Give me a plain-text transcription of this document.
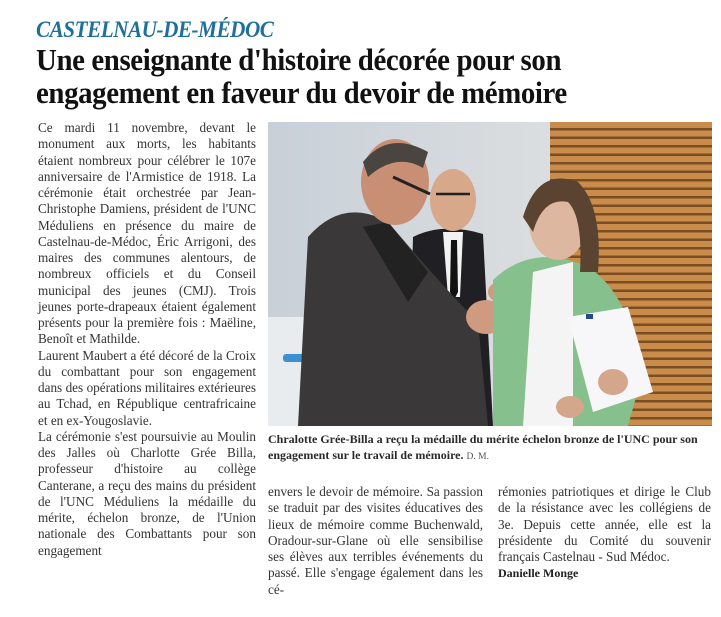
CASTELNAU-DE-MÉDOC
Une enseignante d'histoire décorée pour son
engagement en faveur du devoir de mémoire

Ce mardi 11 novembre, devant le monument aux morts, les habitants étaient nombreux pour célébrer le 107e anniversaire de l'Armistice de 1918. La cérémonie était orchestrée par Jean-Christophe Damiens, président de l'UNC Méduliens en présence du maire de Castelnau-de-Médoc, Éric Arrigoni, des maires des communes alentours, de nombreux officiels et du Conseil municipal des jeunes (CMJ). Trois jeunes porte-drapeaux étaient également présents pour la première fois : Maëline, Benoît et Mathilde.

Laurent Maubert a été décoré de la Croix du combattant pour son engagement dans des opérations militaires extérieures au Tchad, en République centrafricaine et en ex-Yougoslavie.

La cérémonie s'est poursuivie au Moulin des Jalles où Charlotte Grée Billa, professeur d'histoire au collège Canterane, a reçu des mains du président de l'UNC Méduliens la médaille du mérite, échelon bronze, de l'Union nationale des Combattants pour son engagement

Chralotte Grée-Billa a reçu la médaille du mérite échelon bronze de l'UNC pour son engagement sur le travail de mémoire. D. M.

envers le devoir de mémoire. Sa passion se traduit par des visites éducatives des lieux de mémoire comme Buchenwald, Oradour-sur-Glane où elle sensibilise ses élèves aux terribles événements du passé. Elle s'engage également dans les cé-

rémonies patriotiques et dirige le Club de la résistance avec les collégiens de 3e. Depuis cette année, elle est la présidente du Comité du souvenir français Castelnau - Sud Médoc.

Danielle Monge
